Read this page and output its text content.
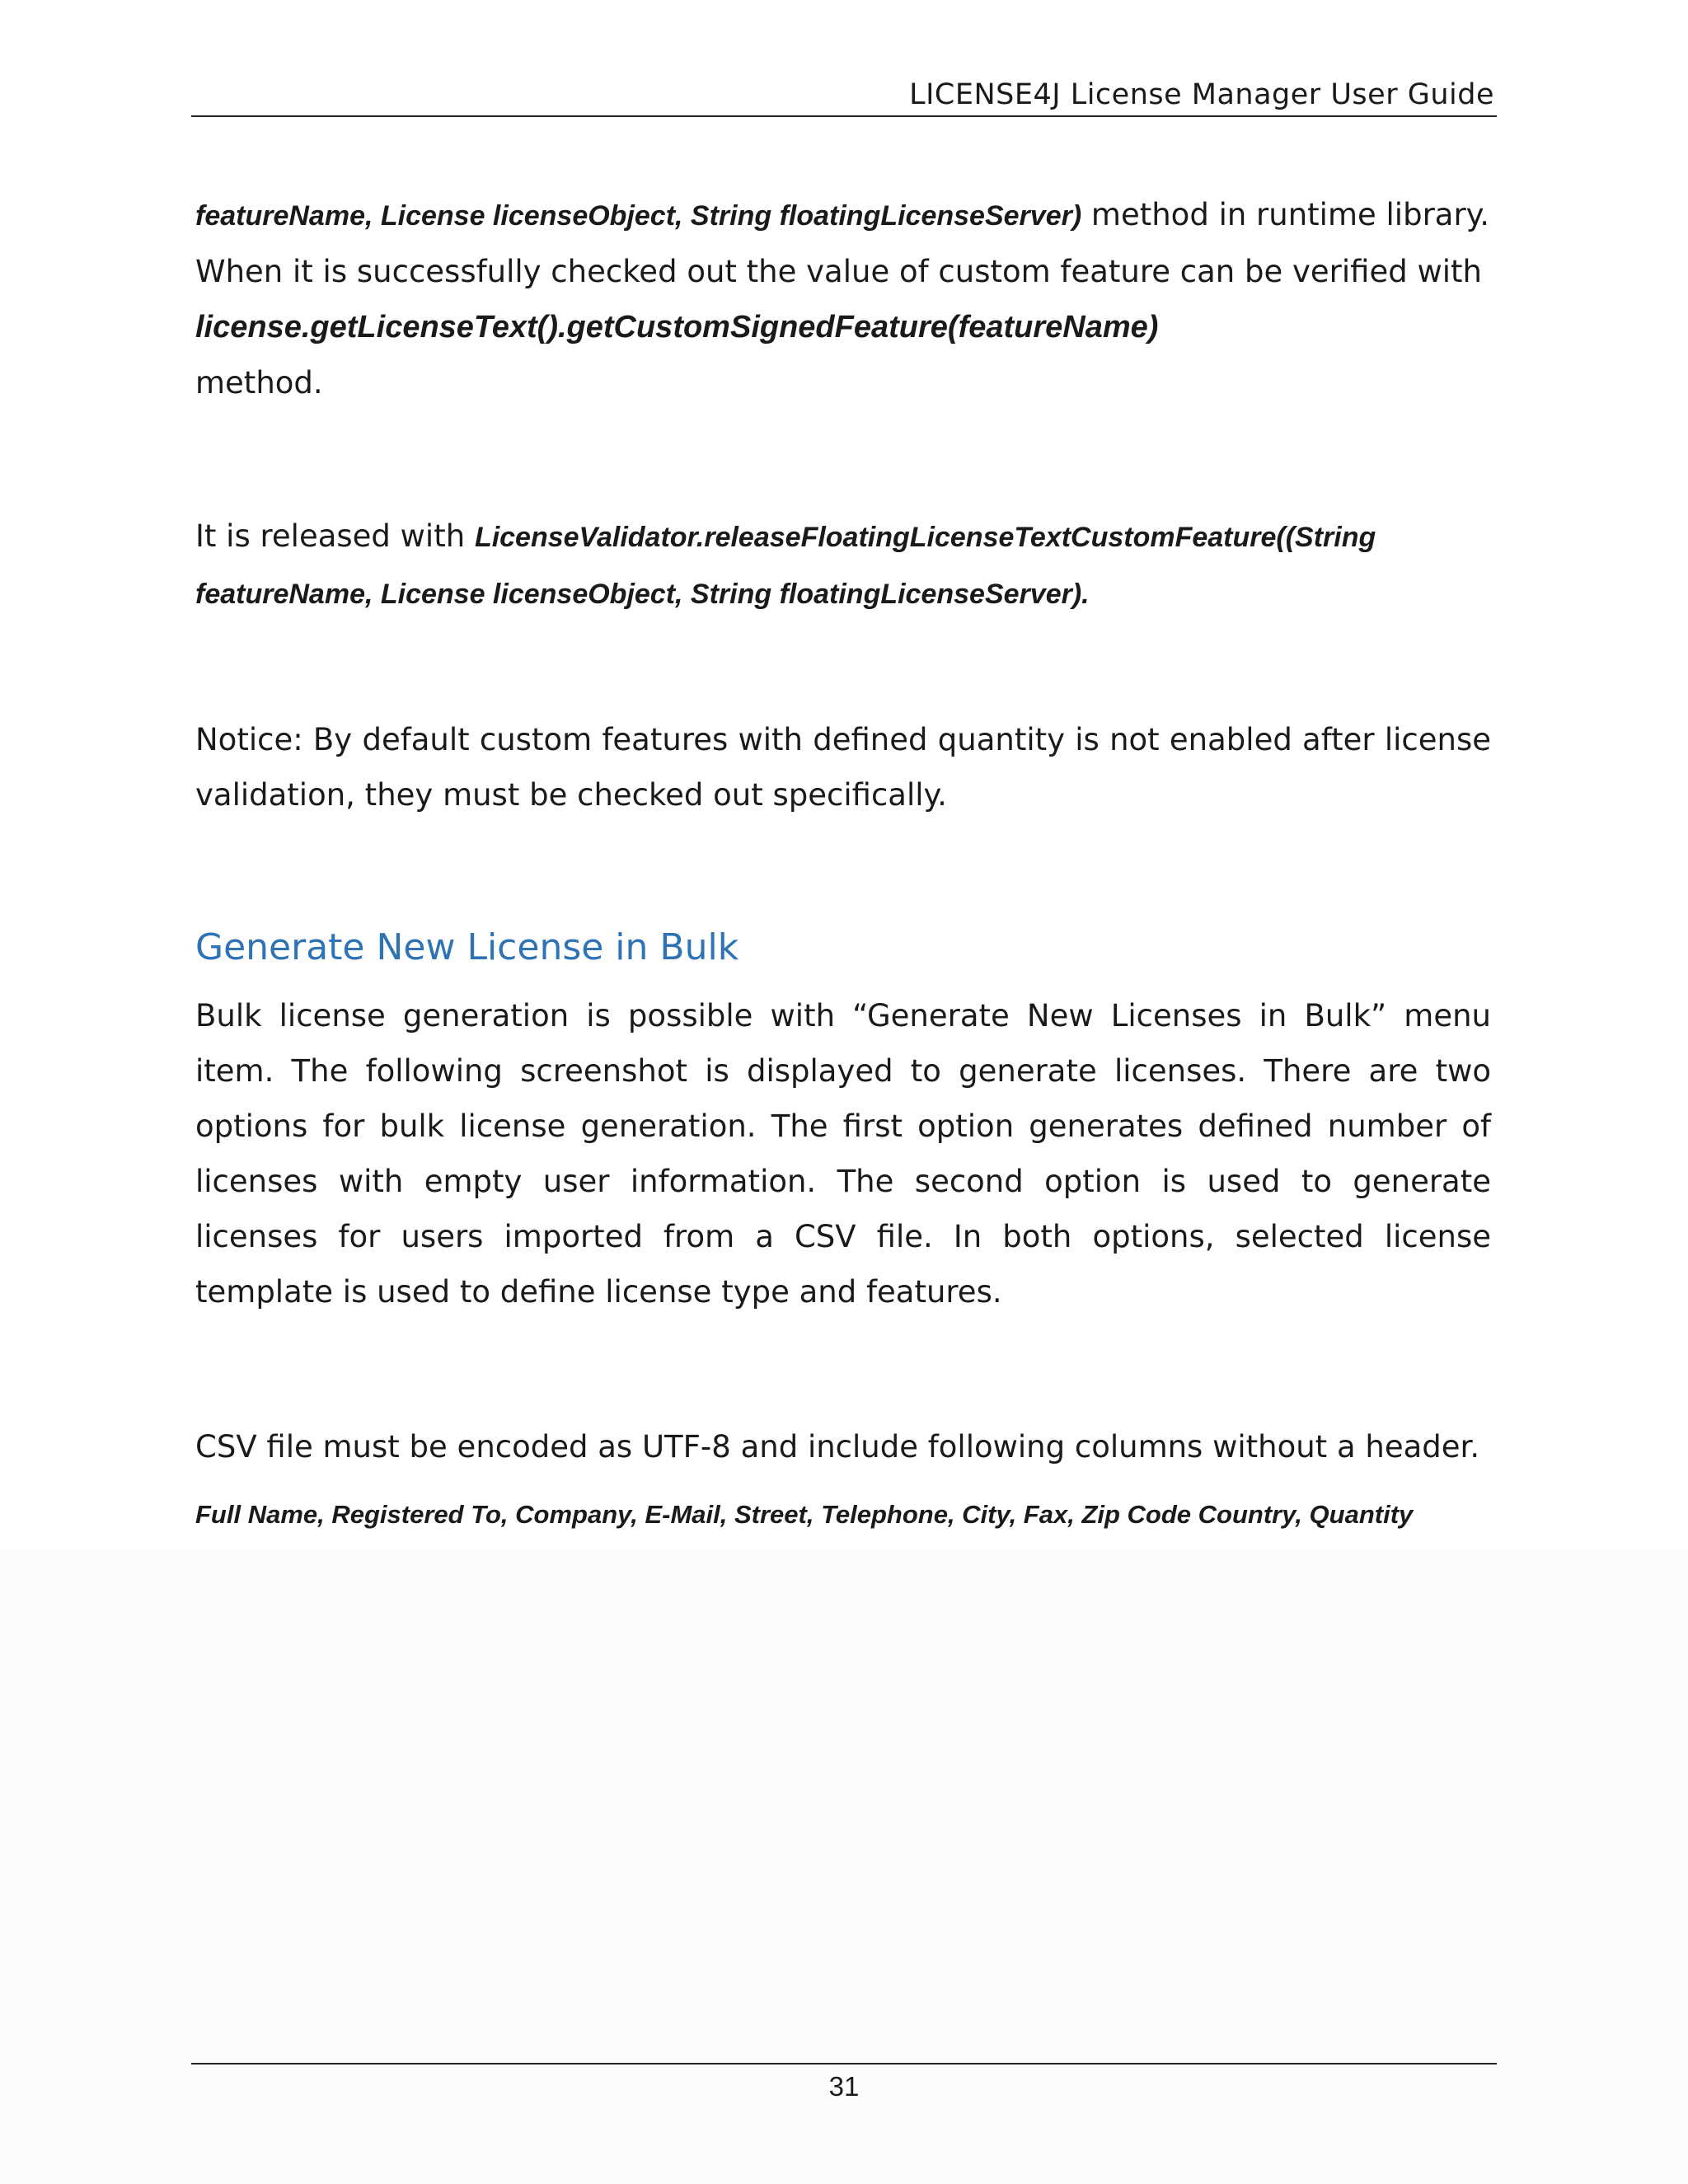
LICENSE4J License Manager User Guide
featureName, License licenseObject, String floatingLicenseServer) method in runtime library. When it is successfully checked out the value of custom feature can be verified with license.getLicenseText().getCustomSignedFeature(featureName)
method.
It is released with LicenseValidator.releaseFloatingLicenseTextCustomFeature((String
featureName, License licenseObject, String floatingLicenseServer).
Notice: By default custom features with defined quantity is not enabled after license validation, they must be checked out specifically.
Generate New License in Bulk
Bulk license generation is possible with “Generate New Licenses in Bulk” menu item. The following screenshot is displayed to generate licenses. There are two options for bulk license generation. The first option generates defined number of licenses with empty user information. The second option is used to generate licenses for users imported from a CSV file. In both options, selected license template is used to define license type and features.
CSV file must be encoded as UTF-8 and include following columns without a header.
Full Name, Registered To, Company, E-Mail, Street, Telephone, City, Fax, Zip Code Country, Quantity
31
